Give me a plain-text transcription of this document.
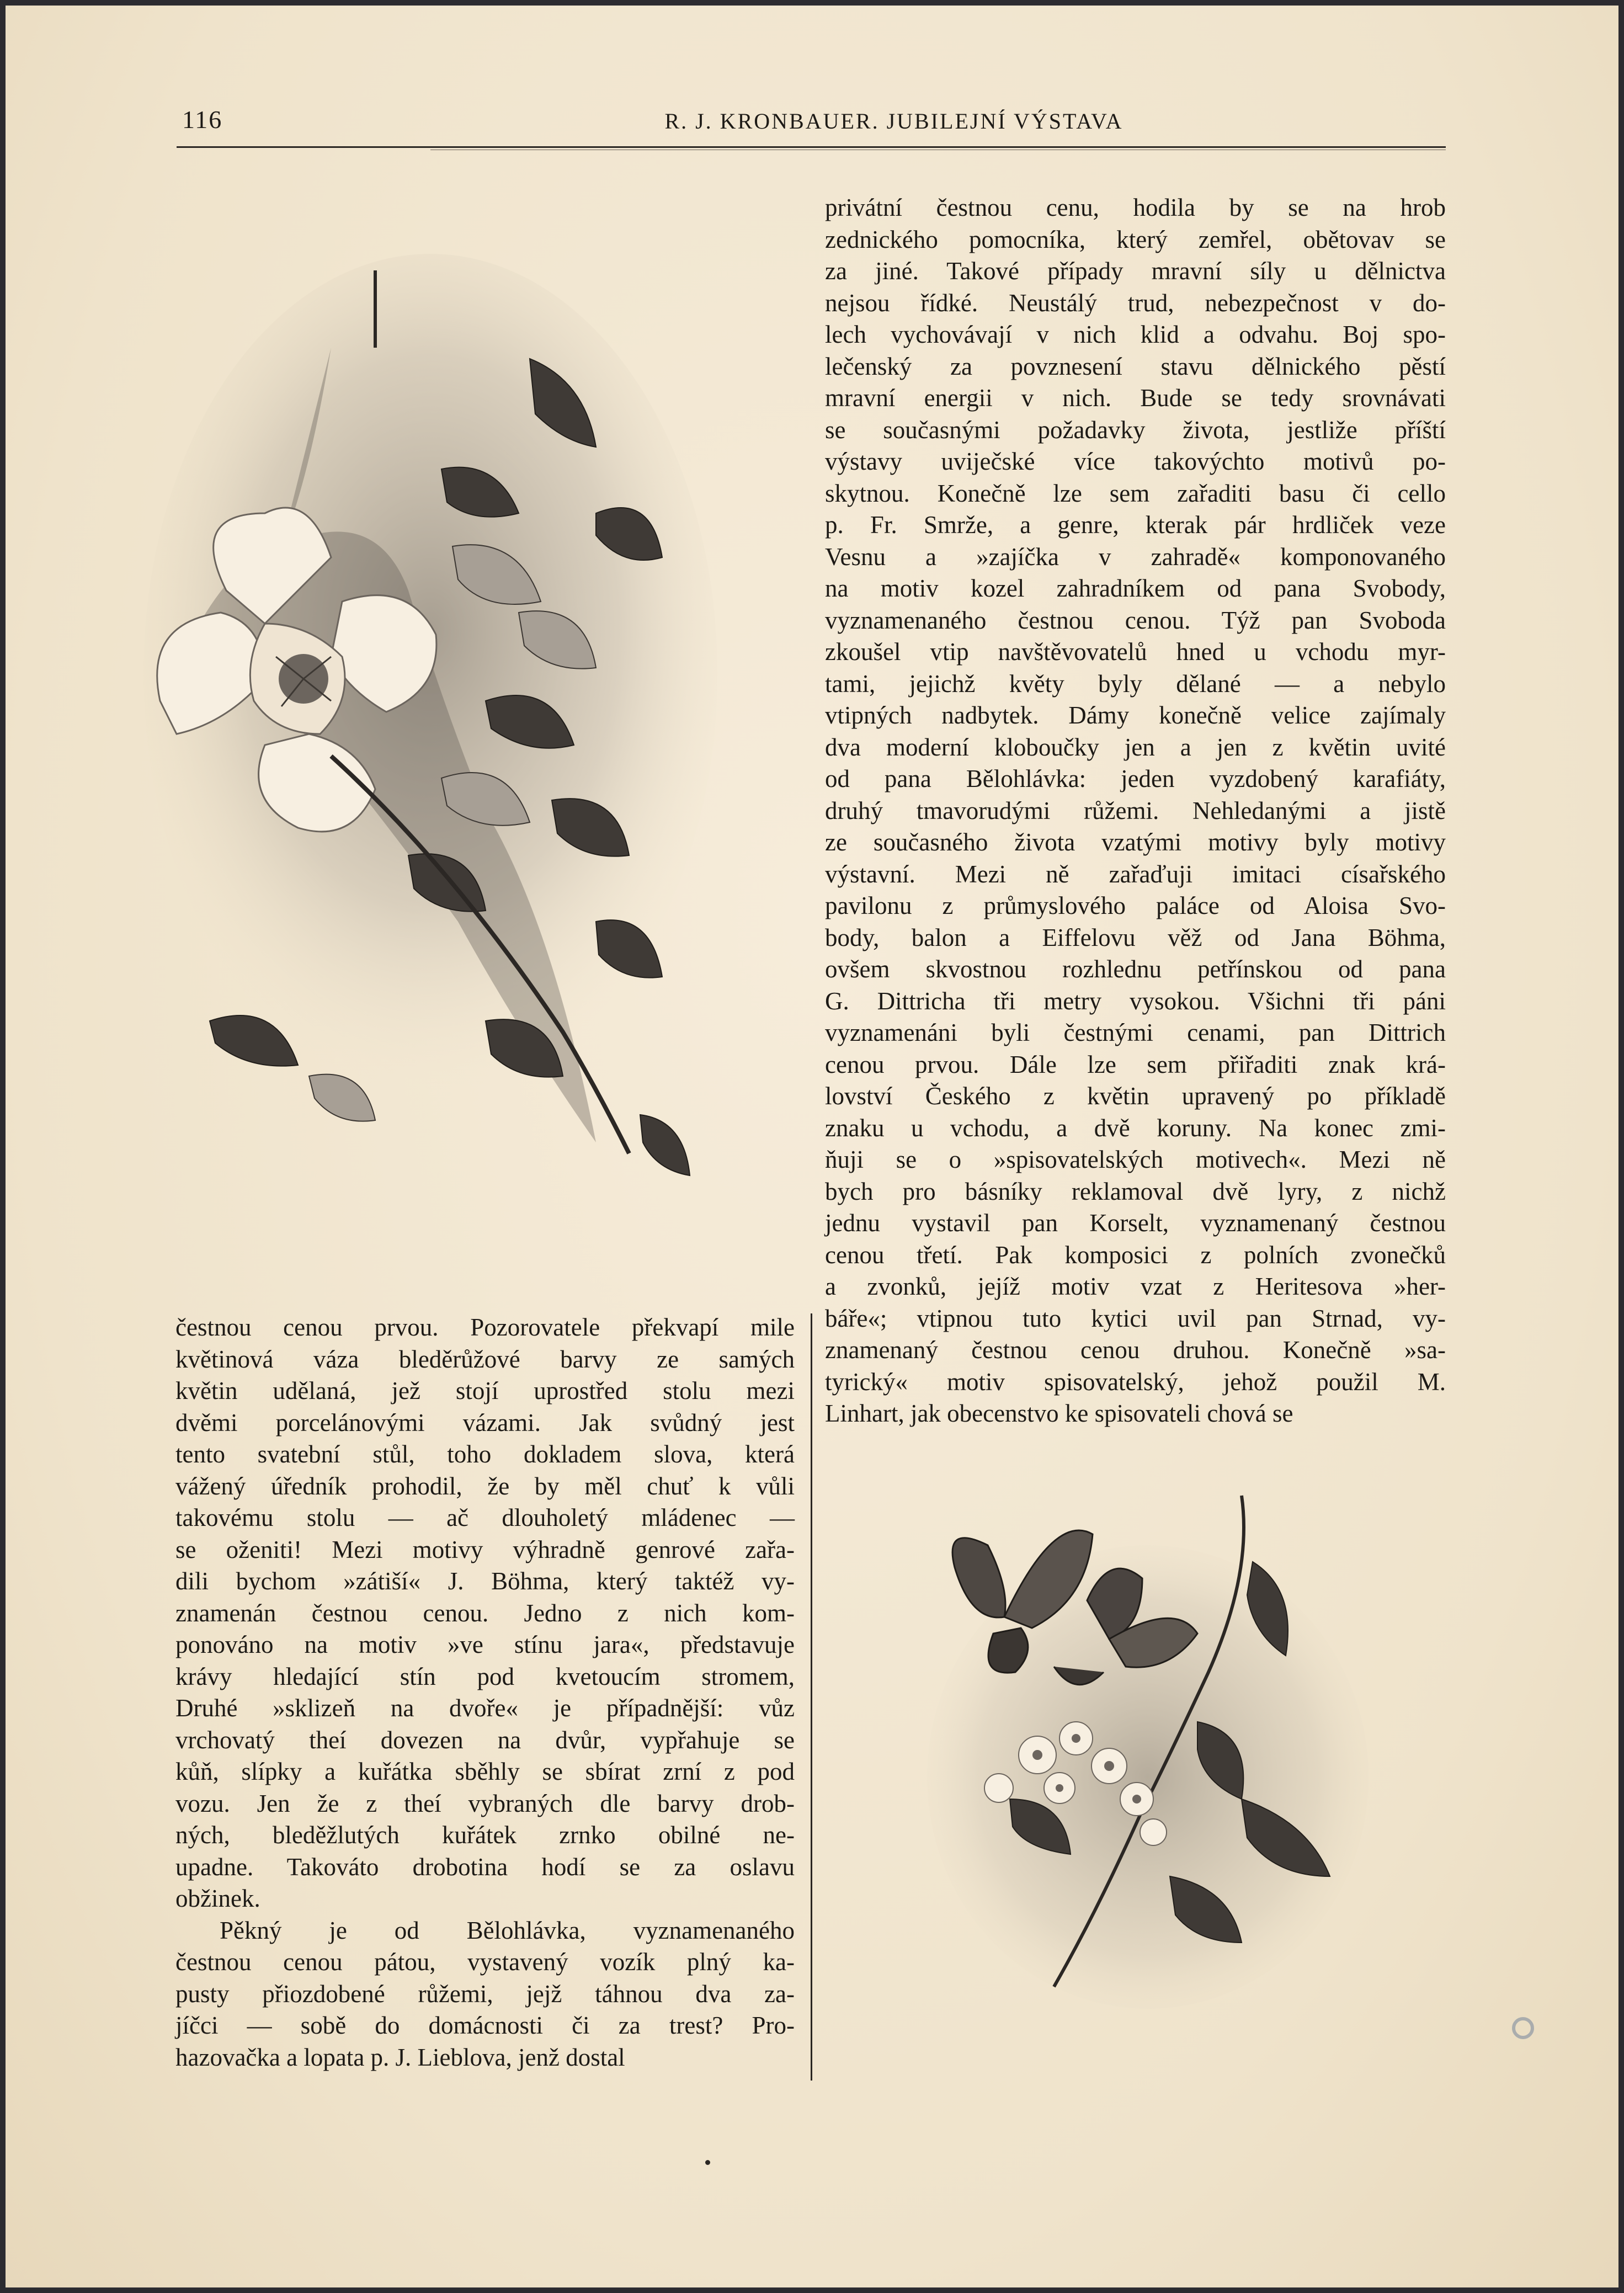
116	R. J. KRONBAUER. JUBILEJNÍ VÝSTAVA
privátní čestnou cenu, hodila by se na hrob
zednického pomocníka, který zemřel, obětovav se
za jiné. Takové případy mravní síly u dělnictva
nejsou řídké. Neustálý trud, nebezpečnost v do-
lech vychovávají v nich klid a odvahu. Boj spo-
lečenský za povznesení stavu dělnického pěstí
mravní energii v nich. Bude se tedy srovnávati
se současnými požadavky života, jestliže příští
výstavy uviječské více takovýchto motivů po-
skytnou. Konečně lze sem zařaditi basu či cello
p. Fr. Smrže, a genre, kterak pár hrdliček veze
Vesnu a »zajíčka v zahradě« komponovaného
na motiv kozel zahradníkem od pana Svobody,
vyznamenaného čestnou cenou. Týž pan Svoboda
zkoušel vtip navštěvovatelů hned u vchodu myr-
tami, jejichž květy byly dělané — a nebylo
vtipných nadbytek. Dámy konečně velice zajímaly
dva moderní kloboučky jen a jen z květin uvité
od pana Bělohlávka: jeden vyzdobený karafiáty,
druhý tmavorudými růžemi. Nehledanými a jistě
ze současného života vzatými motivy byly motivy
výstavní. Mezi ně zařaďuji imitaci císařského
pavilonu z průmyslového paláce od Aloisa Svo-
body, balon a Eiffelovu věž od Jana Böhma,
ovšem skvostnou rozhlednu petřínskou od pana
G. Dittricha tři metry vysokou. Všichni tři páni
vyznamenáni byli čestnými cenami, pan Dittrich
cenou prvou. Dále lze sem přiřaditi znak krá-
lovství Českého z květin upravený po příkladě
znaku u vchodu, a dvě koruny. Na konec zmi-
ňuji se o »spisovatelských motivech«. Mezi ně
bych pro básníky reklamoval dvě lyry, z nichž
jednu vystavil pan Korselt, vyznamenaný čestnou
cenou třetí. Pak komposici z polních zvonečků
a zvonků, jejíž motiv vzat z Heritesova »her-
báře«; vtipnou tuto kytici uvil pan Strnad, vy-
znamenaný čestnou cenou druhou. Konečně »sa-
tyrický« motiv spisovatelský, jehož použil M.
Linhart, jak obecenstvo ke spisovateli chová se
čestnou cenou prvou. Pozorovatele překvapí mile
květinová váza bleděrůžové barvy ze samých
květin udělaná, jež stojí uprostřed stolu mezi
dvěmi porcelánovými vázami. Jak svůdný jest
tento svatební stůl, toho dokladem slova, která
vážený úředník prohodil, že by měl chuť k vůli
takovému stolu — ač dlouholetý mládenec —
se oženiti! Mezi motivy výhradně genrové zařa-
dili bychom »zátiší« J. Böhma, který taktéž vy-
znamenán čestnou cenou. Jedno z nich kom-
ponováno na motiv »ve stínu jara«, představuje
krávy hledající stín pod kvetoucím stromem,
Druhé »sklizeň na dvoře« je případnější: vůz
vrchovatý theí dovezen na dvůr, vypřahuje se
kůň, slípky a kuřátka sběhly se sbírat zrní z pod
vozu. Jen že z theí vybraných dle barvy drob-
ných, bleděžlutých kuřátek zrnko obilné ne-
upadne. Takováto drobotina hodí se za oslavu
obžinek.
Pěkný je od Bělohlávka, vyznamenaného
čestnou cenou pátou, vystavený vozík plný ka-
pusty přiozdobené růžemi, jejž táhnou dva za-
jíčci — sobě do domácnosti či za trest? Pro-
hazovačka a lopata p. J. Lieblova, jenž dostal
